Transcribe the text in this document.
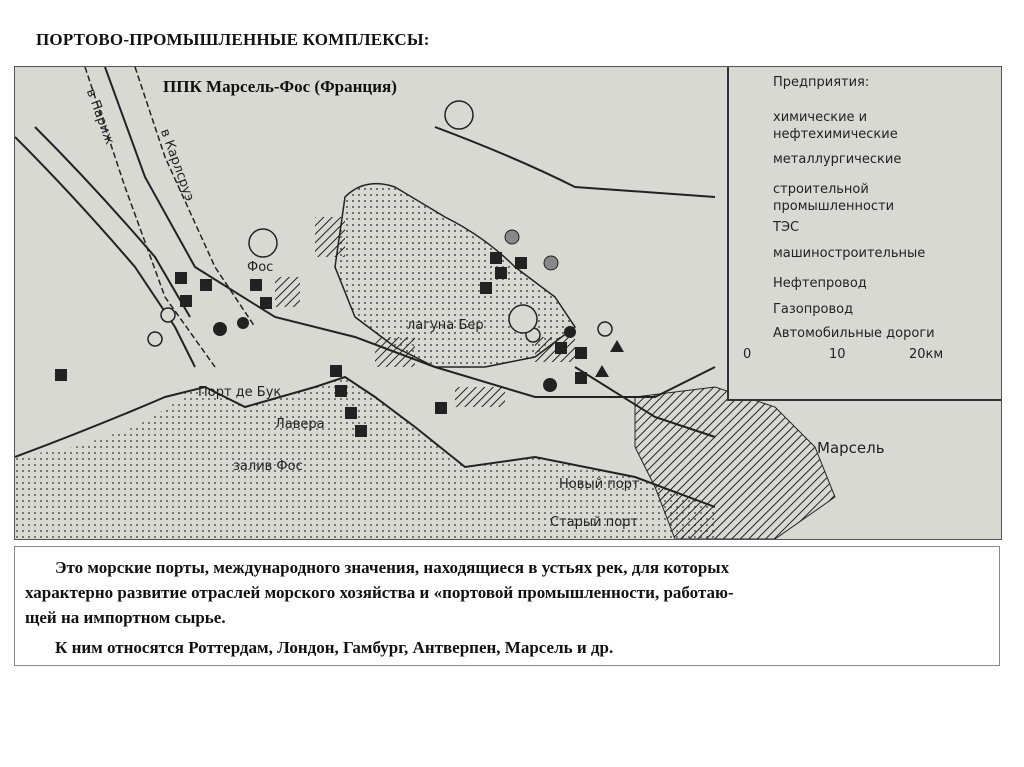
ПОРТОВО-ПРОМЫШЛЕННЫЕ КОМПЛЕКСЫ:
ППК Марсель-Фос (Франция)
в Париж
в Карлсруэ
Фос
лагуна Бер
Порт де Бук
Лавера
залив Фос
Марсель
Новый порт
Старый порт
Предприятия:
химические и
нефтехимические
металлургические
строительной
промышленности
ТЭС
машиностроительные
Нефтепровод
Газопровод
Автомобильные дороги
0	10	20км

Это морские порты, международного значения, находящиеся в устьях рек, для которых

характерно развитие отраслей морского хозяйства и «портовой промышленности, работаю-

щей на импортном сырье.

К ним относятся Роттердам, Лондон, Гамбург, Антверпен, Марсель и др.
